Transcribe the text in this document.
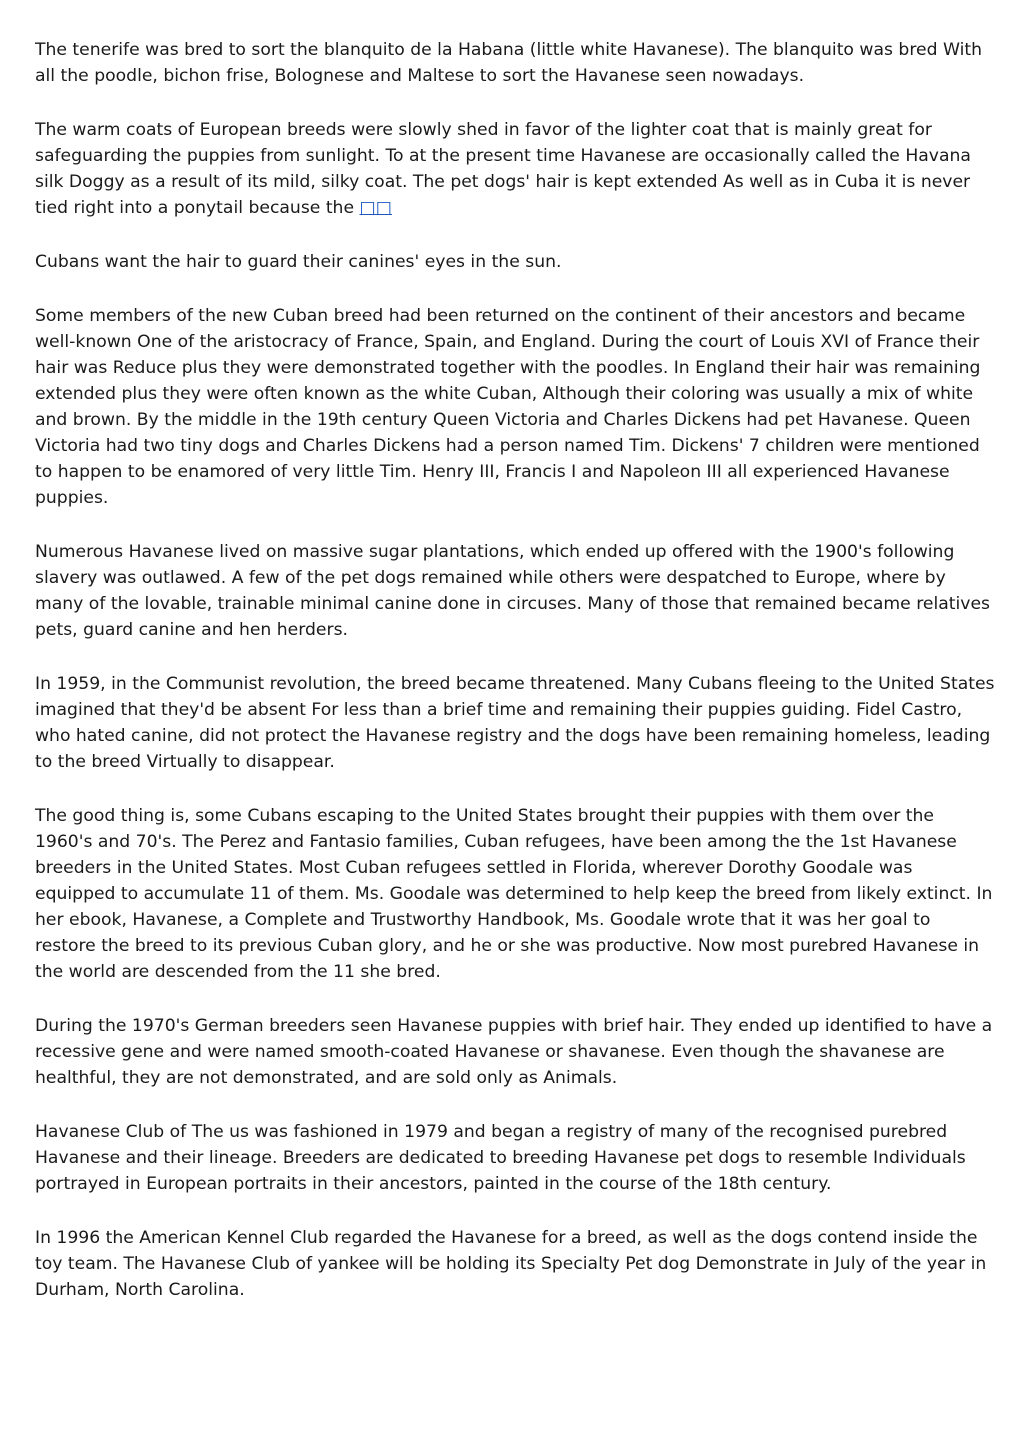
The tenerife was bred to sort the blanquito de la Habana (little white Havanese). The blanquito was bred With all the poodle, bichon frise, Bolognese and Maltese to sort the Havanese seen nowadays.

The warm coats of European breeds were slowly shed in favor of the lighter coat that is mainly great for safeguarding the puppies from sunlight. To at the present time Havanese are occasionally called the Havana silk Doggy as a result of its mild, silky coat. The pet dogs' hair is kept extended As well as in Cuba it is never tied right into a ponytail because the □□

Cubans want the hair to guard their canines' eyes in the sun.

Some members of the new Cuban breed had been returned on the continent of their ancestors and became well-known One of the aristocracy of France, Spain, and England. During the court of Louis XVI of France their hair was Reduce plus they were demonstrated together with the poodles. In England their hair was remaining extended plus they were often known as the white Cuban, Although their coloring was usually a mix of white and brown. By the middle in the 19th century Queen Victoria and Charles Dickens had pet Havanese. Queen Victoria had two tiny dogs and Charles Dickens had a person named Tim. Dickens' 7 children were mentioned to happen to be enamored of very little Tim. Henry III, Francis I and Napoleon III all experienced Havanese puppies.

Numerous Havanese lived on massive sugar plantations, which ended up offered with the 1900's following slavery was outlawed. A few of the pet dogs remained while others were despatched to Europe, where by many of the lovable, trainable minimal canine done in circuses. Many of those that remained became relatives pets, guard canine and hen herders.

In 1959, in the Communist revolution, the breed became threatened. Many Cubans fleeing to the United States imagined that they'd be absent For less than a brief time and remaining their puppies guiding. Fidel Castro, who hated canine, did not protect the Havanese registry and the dogs have been remaining homeless, leading to the breed Virtually to disappear.

The good thing is, some Cubans escaping to the United States brought their puppies with them over the 1960's and 70's. The Perez and Fantasio families, Cuban refugees, have been among the the 1st Havanese breeders in the United States. Most Cuban refugees settled in Florida, wherever Dorothy Goodale was equipped to accumulate 11 of them. Ms. Goodale was determined to help keep the breed from likely extinct. In her ebook, Havanese, a Complete and Trustworthy Handbook, Ms. Goodale wrote that it was her goal to restore the breed to its previous Cuban glory, and he or she was productive. Now most purebred Havanese in the world are descended from the 11 she bred.

During the 1970's German breeders seen Havanese puppies with brief hair. They ended up identified to have a recessive gene and were named smooth-coated Havanese or shavanese. Even though the shavanese are healthful, they are not demonstrated, and are sold only as Animals.

Havanese Club of The us was fashioned in 1979 and began a registry of many of the recognised purebred Havanese and their lineage. Breeders are dedicated to breeding Havanese pet dogs to resemble Individuals portrayed in European portraits in their ancestors, painted in the course of the 18th century.

In 1996 the American Kennel Club regarded the Havanese for a breed, as well as the dogs contend inside the toy team. The Havanese Club of yankee will be holding its Specialty Pet dog Demonstrate in July of the year in Durham, North Carolina.
